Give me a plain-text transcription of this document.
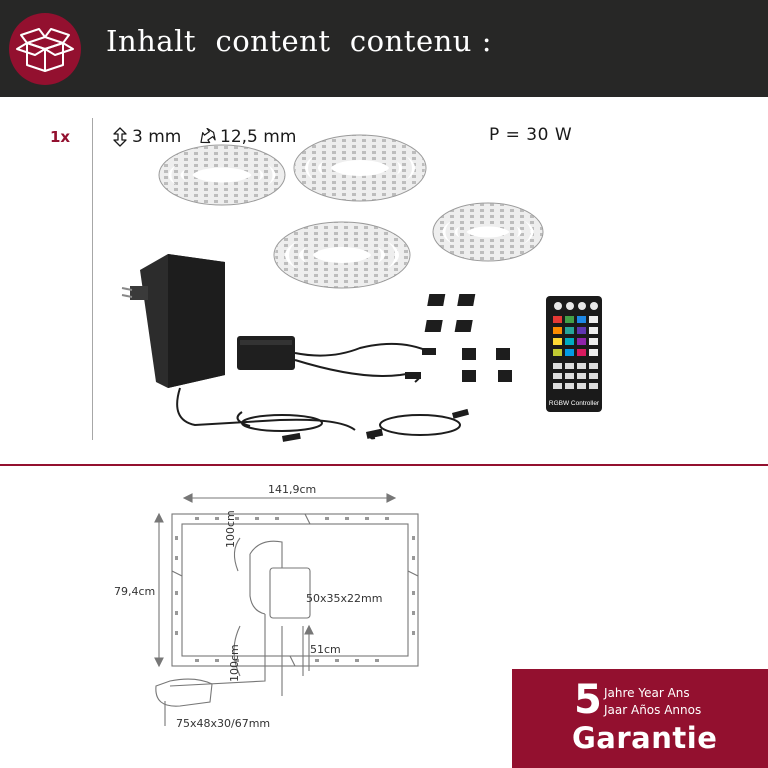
Inhalt  content  contenu :
1x	3 mm 12,5 mm	P = 30 W
RGBW Controller
141,9cm
79,4cm
100cm
100cm
50x35x22mm
51cm
75x48x30/67mm
5 Jahre Year Ans
Jaar Años Annos
Garantie
